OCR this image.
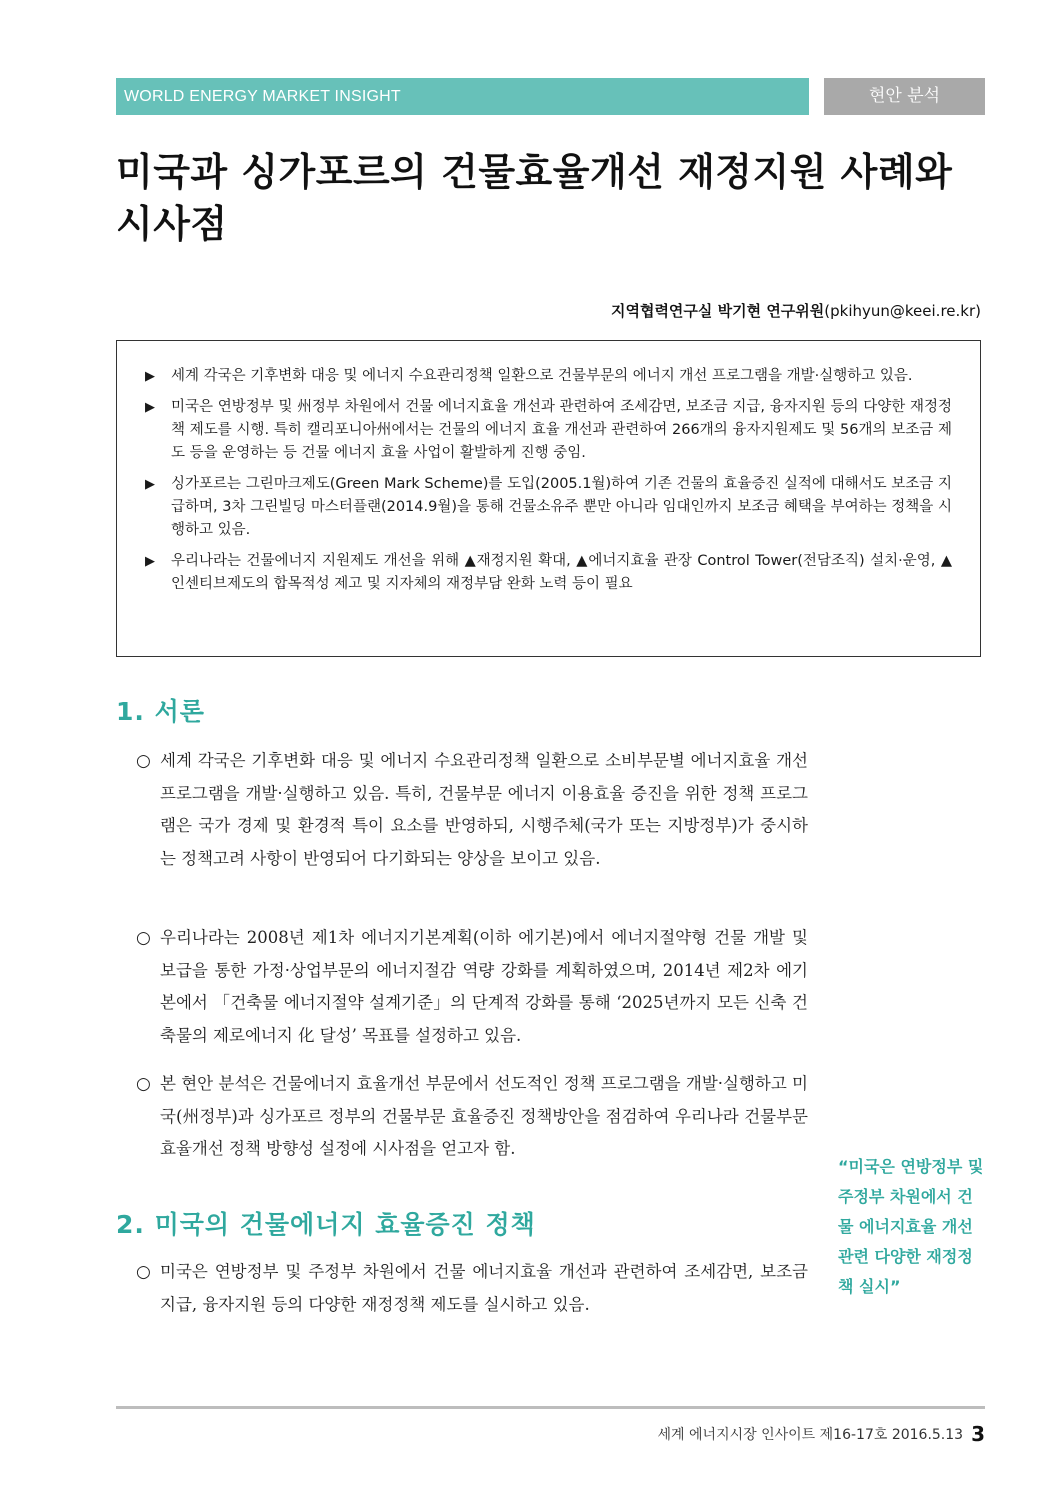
WORLD ENERGY MARKET INSIGHT	현안 분석
미국과 싱가포르의 건물효율개선 재정지원 사례와 시사점
지역협력연구실 박기현 연구위원(pkihyun@keei.re.kr)
▶ 세계 각국은 기후변화 대응 및 에너지 수요관리정책 일환으로 건물부문의 에너지 개선 프로그램을 개발·실행하고 있음.
▶ 미국은 연방정부 및 州정부 차원에서 건물 에너지효율 개선과 관련하여 조세감면, 보조금 지급, 융자지원 등의 다양한 재정정책 제도를 시행. 특히 캘리포니아州에서는 건물의 에너지 효율 개선과 관련하여 266개의 융자지원제도 및 56개의 보조금 제도 등을 운영하는 등 건물 에너지 효율 사업이 활발하게 진행 중임.
▶ 싱가포르는 그린마크제도(Green Mark Scheme)를 도입(2005.1월)하여 기존 건물의 효율증진 실적에 대해서도 보조금 지급하며, 3차 그린빌딩 마스터플랜(2014.9월)을 통해 건물소유주 뿐만 아니라 임대인까지 보조금 혜택을 부여하는 정책을 시행하고 있음.
▶ 우리나라는 건물에너지 지원제도 개선을 위해 ▲재정지원 확대, ▲에너지효율 관장 Control Tower(전담조직) 설치·운영, ▲인센티브제도의 합목적성 제고 및 지자체의 재정부담 완화 노력 등이 필요
1. 서론
○ 세계 각국은 기후변화 대응 및 에너지 수요관리정책 일환으로 소비부문별 에너지효율 개선 프로그램을 개발·실행하고 있음. 특히, 건물부문 에너지 이용효율 증진을 위한 정책 프로그램은 국가 경제 및 환경적 특이 요소를 반영하되, 시행주체(국가 또는 지방정부)가 중시하는 정책고려 사항이 반영되어 다기화되는 양상을 보이고 있음.
○ 우리나라는 2008년 제1차 에너지기본계획(이하 에기본)에서 에너지절약형 건물 개발 및 보급을 통한 가정·상업부문의 에너지절감 역량 강화를 계획하였으며, 2014년 제2차 에기본에서 「건축물 에너지절약 설계기준」의 단계적 강화를 통해 ‘2025년까지 모든 신축 건축물의 제로에너지 化 달성’ 목표를 설정하고 있음.
○ 본 현안 분석은 건물에너지 효율개선 부문에서 선도적인 정책 프로그램을 개발·실행하고 미국(州정부)과 싱가포르 정부의 건물부문 효율증진 정책방안을 점검하여 우리나라 건물부문 효율개선 정책 방향성 설정에 시사점을 얻고자 함.
2. 미국의 건물에너지 효율증진 정책
○ 미국은 연방정부 및 주정부 차원에서 건물 에너지효율 개선과 관련하여 조세감면, 보조금 지급, 융자지원 등의 다양한 재정정책 제도를 실시하고 있음.
“미국은 연방정부 및 주정부 차원에서 건물 에너지효율 개선 관련 다양한 재정정책 실시”
세계 에너지시장 인사이트 제16-17호 2016.5.13 3
